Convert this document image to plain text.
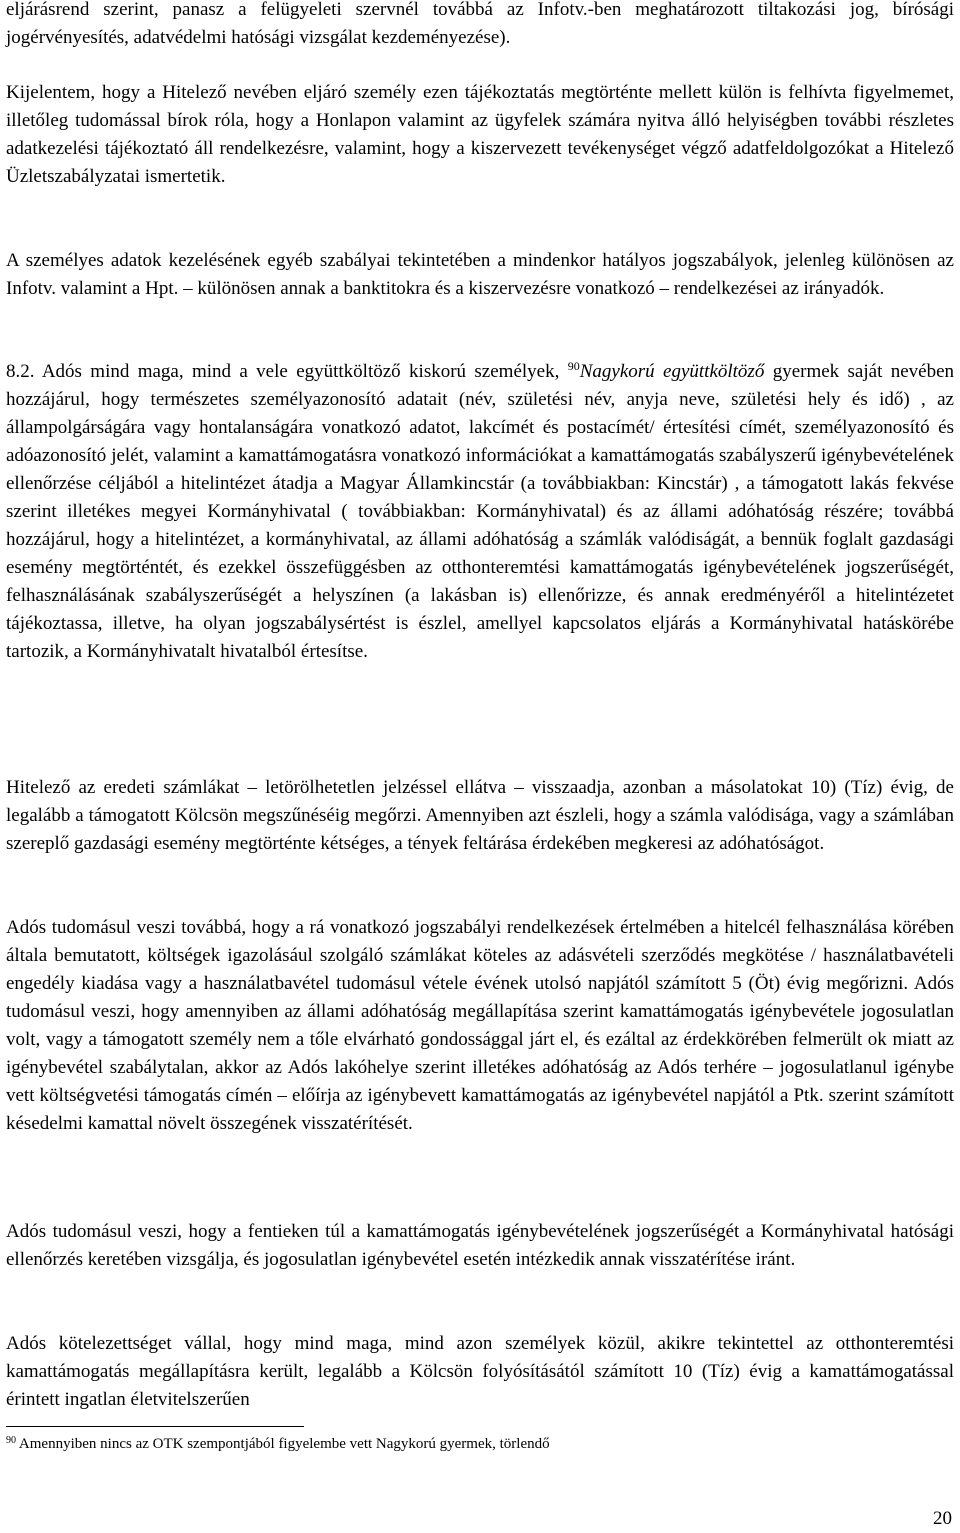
eljárásrend szerint, panasz a felügyeleti szervnél továbbá az Infotv.-ben meghatározott tiltakozási jog, bírósági jogérvényesítés, adatvédelmi hatósági vizsgálat kezdeményezése).

Kijelentem, hogy a Hitelező nevében eljáró személy ezen tájékoztatás megtörténte mellett külön is felhívta figyelmemet, illetőleg tudomással bírok róla, hogy a Honlapon valamint az ügyfelek számára nyitva álló helyiségben további részletes adatkezelési tájékoztató áll rendelkezésre, valamint, hogy a kiszervezett tevékenységet végző adatfeldolgozókat a Hitelező Üzletszabályzatai ismertetik.

A személyes adatok kezelésének egyéb szabályai tekintetében a mindenkor hatályos jogszabályok, jelenleg különösen az Infotv. valamint a Hpt. – különösen annak a banktitokra és a kiszervezésre vonatkozó – rendelkezései az irányadók.

8.2. Adós mind maga, mind a vele együttköltöző kiskorú személyek, $^{90}$Nagykorú együttköltöző gyermek saját nevében hozzájárul, hogy természetes személyazonosító adatait (név, születési név, anyja neve, születési hely és idő) , az állampolgárságára vagy hontalanságára vonatkozó adatot, lakcímét és postacímét/ értesítési címét, személyazonosító és adóazonosító jelét, valamint a kamattámogatásra vonatkozó információkat a kamattámogatás szabályszerű igénybevételének ellenőrzése céljából a hitelintézet átadja a Magyar Államkincstár (a továbbiakban: Kincstár) , a támogatott lakás fekvése szerint illetékes megyei Kormányhivatal ( továbbiakban: Kormányhivatal) és az állami adóhatóság részére; továbbá hozzájárul, hogy a hitelintézet, a kormányhivatal, az állami adóhatóság a számlák valódiságát, a bennük foglalt gazdasági esemény megtörténtét, és ezekkel összefüggésben az otthonteremtési kamattámogatás igénybevételének jogszerűségét, felhasználásának szabályszerűségét a helyszínen (a lakásban is) ellenőrizze, és annak eredményéről a hitelintézetet tájékoztassa, illetve, ha olyan jogszabálysértést is észlel, amellyel kapcsolatos eljárás a Kormányhivatal hatáskörébe tartozik, a Kormányhivatalt hivatalból értesítse.

Hitelező az eredeti számlákat – letörölhetetlen jelzéssel ellátva – visszaadja, azonban a másolatokat 10) (Tíz) évig, de legalább a támogatott Kölcsön megszűnéséig megőrzi. Amennyiben azt észleli, hogy a számla valódisága, vagy a számlában szereplő gazdasági esemény megtörténte kétséges, a tények feltárása érdekében megkeresi az adóhatóságot.

Adós tudomásul veszi továbbá, hogy a rá vonatkozó jogszabályi rendelkezések értelmében a hitelcél felhasználása körében általa bemutatott, költségek igazolásául szolgáló számlákat köteles az adásvételi szerződés megkötése / használatbavételi engedély kiadása vagy a használatbavétel tudomásul vétele évének utolsó napjától számított 5 (Öt) évig megőrizni. Adós tudomásul veszi, hogy amennyiben az állami adóhatóság megállapítása szerint kamattámogatás igénybevétele jogosulatlan volt, vagy a támogatott személy nem a tőle elvárható gondossággal járt el, és ezáltal az érdekkörében felmerült ok miatt az igénybevétel szabálytalan, akkor az Adós lakóhelye szerint illetékes adóhatóság az Adós terhére – jogosulatlanul igénybe vett költségvetési támogatás címén – előírja az igénybevett kamattámogatás az igénybevétel napjától a Ptk. szerint számított késedelmi kamattal növelt összegének visszatérítését.

Adós tudomásul veszi, hogy a fentieken túl a kamattámogatás igénybevételének jogszerűségét a Kormányhivatal hatósági ellenőrzés keretében vizsgálja, és jogosulatlan igénybevétel esetén intézkedik annak visszatérítése iránt.

Adós kötelezettséget vállal, hogy mind maga, mind azon személyek közül, akikre tekintettel az otthonteremtési kamattámogatás megállapításra került, legalább a Kölcsön folyósításától számított 10 (Tíz) évig a kamattámogatással érintett ingatlan életvitelszerűen

$^{90}$ Amennyiben nincs az OTK szempontjából figyelembe vett Nagykorú gyermek, törlendő
20
